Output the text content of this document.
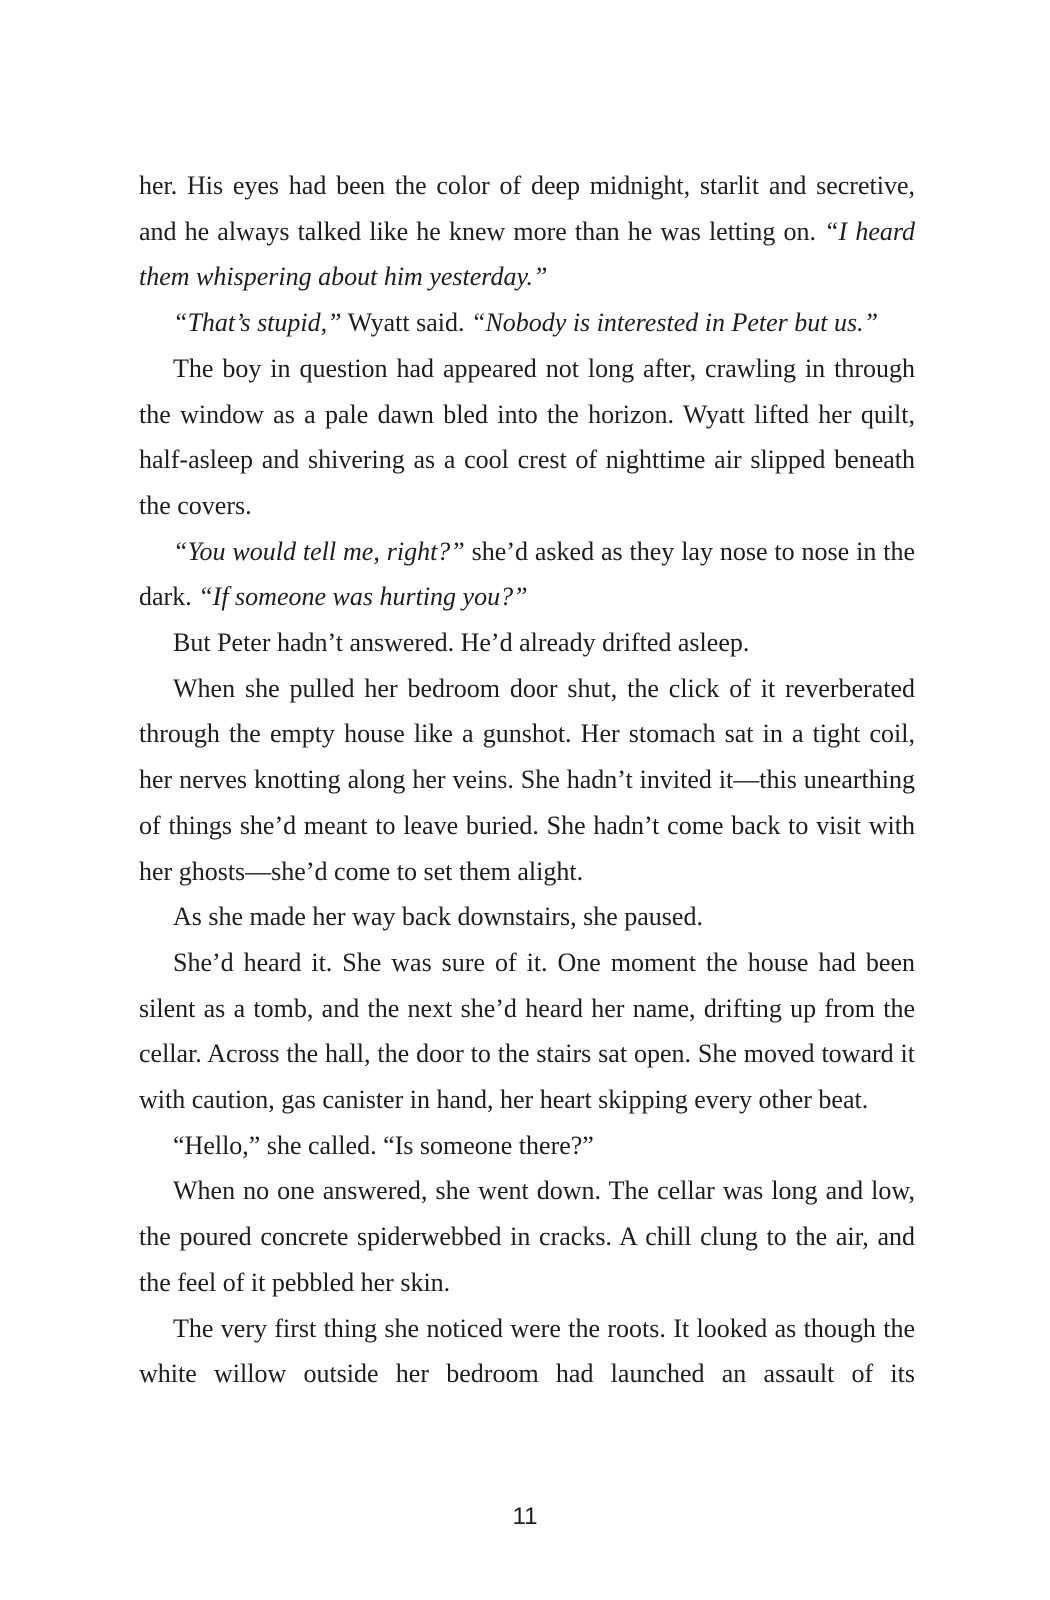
her. His eyes had been the color of deep midnight, starlit and secretive, and he always talked like he knew more than he was letting on. “I heard them whispering about him yesterday.”

“That’s stupid,” Wyatt said. “Nobody is interested in Peter but us.”

The boy in question had appeared not long after, crawling in through the window as a pale dawn bled into the horizon. Wyatt lifted her quilt, half-asleep and shivering as a cool crest of nighttime air slipped beneath the covers.

“You would tell me, right?” she’d asked as they lay nose to nose in the dark. “If someone was hurting you?”

But Peter hadn’t answered. He’d already drifted asleep.

When she pulled her bedroom door shut, the click of it reverberated through the empty house like a gunshot. Her stomach sat in a tight coil, her nerves knotting along her veins. She hadn’t invited it—this unearthing of things she’d meant to leave buried. She hadn’t come back to visit with her ghosts—she’d come to set them alight.

As she made her way back downstairs, she paused.

She’d heard it. She was sure of it. One moment the house had been silent as a tomb, and the next she’d heard her name, drifting up from the cellar. Across the hall, the door to the stairs sat open. She moved toward it with caution, gas canister in hand, her heart skipping every other beat.

“Hello,” she called. “Is someone there?”

When no one answered, she went down. The cellar was long and low, the poured concrete spiderwebbed in cracks. A chill clung to the air, and the feel of it pebbled her skin.

The very first thing she noticed were the roots. It looked as though the white willow outside her bedroom had launched an assault of its

11
